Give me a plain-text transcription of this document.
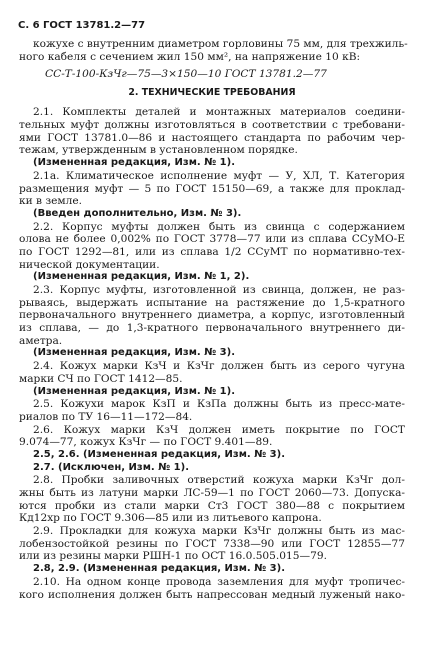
С. 6 ГОСТ 13781.2—77
кожухе с внутренним диаметром горловины 75 мм, для трехжиль-
ного кабеля с сечением жил 150 мм², на напряжение 10 кВ:
СС-Т-100-КзЧг—75—3×150—10 ГОСТ 13781.2—77
2. ТЕХНИЧЕСКИЕ ТРЕБОВАНИЯ
2.1. Комплекты деталей и монтажных материалов соедини-
тельных муфт должны изготовляться в соответствии с требовани-
ями ГОСТ 13781.0—86 и настоящего стандарта по рабочим чер-
тежам, утвержденным в установленном порядке.
(Измененная редакция, Изм. № 1).
2.1а. Климатическое исполнение муфт — У, ХЛ, Т. Категория
размещения муфт — 5 по ГОСТ 15150—69, а также для проклад-
ки в земле.
(Введен дополнительно, Изм. № 3).
2.2. Корпус муфты должен быть из свинца с содержанием
олова не более 0,002% по ГОСТ 3778—77 или из сплава ССуМО-Е
по ГОСТ 1292—81, или из сплава 1/2 ССуМТ по нормативно-тех-
нической документации.
(Измененная редакция, Изм. № 1, 2).
2.3. Корпус муфты, изготовленной из свинца, должен, не раз-
рываясь, выдержать испытание на растяжение до 1,5-кратного
первоначального внутреннего диаметра, а корпус, изготовленный
из сплава, — до 1,3-кратного первоначального внутреннего ди-
аметра.
(Измененная редакция, Изм. № 3).
2.4. Кожух марки КзЧ и КзЧг должен быть из серого чугуна
марки СЧ по ГОСТ 1412—85.
(Измененная редакция, Изм. № 1).
2.5. Кожухи марок КзП и КзПа должны быть из пресс-мате-
риалов по ТУ 16—11—172—84.
2.6. Кожух марки КзЧ должен иметь покрытие по ГОСТ
9.074—77, кожух КзЧг — по ГОСТ 9.401—89.
2.5, 2.6. (Измененная редакция, Изм. № 3).
2.7. (Исключен, Изм. № 1).
2.8. Пробки заливочных отверстий кожуха марки КзЧг дол-
жны быть из латуни марки ЛС-59—1 по ГОСТ 2060—73. Допуска-
ются пробки из стали марки Ст3 ГОСТ 380—88 с покрытием
Кд12хр по ГОСТ 9.306—85 или из литьевого капрона.
2.9. Прокладки для кожуха марки КзЧг должны быть из мас-
лобензостойкой резины по ГОСТ 7338—90 или ГОСТ 12855—77
или из резины марки РШН-1 по ОСТ 16.0.505.015—79.
2.8, 2.9. (Измененная редакция, Изм. № 3).
2.10. На одном конце провода заземления для муфт тропичес-
кого исполнения должен быть напрессован медный луженый нако-
